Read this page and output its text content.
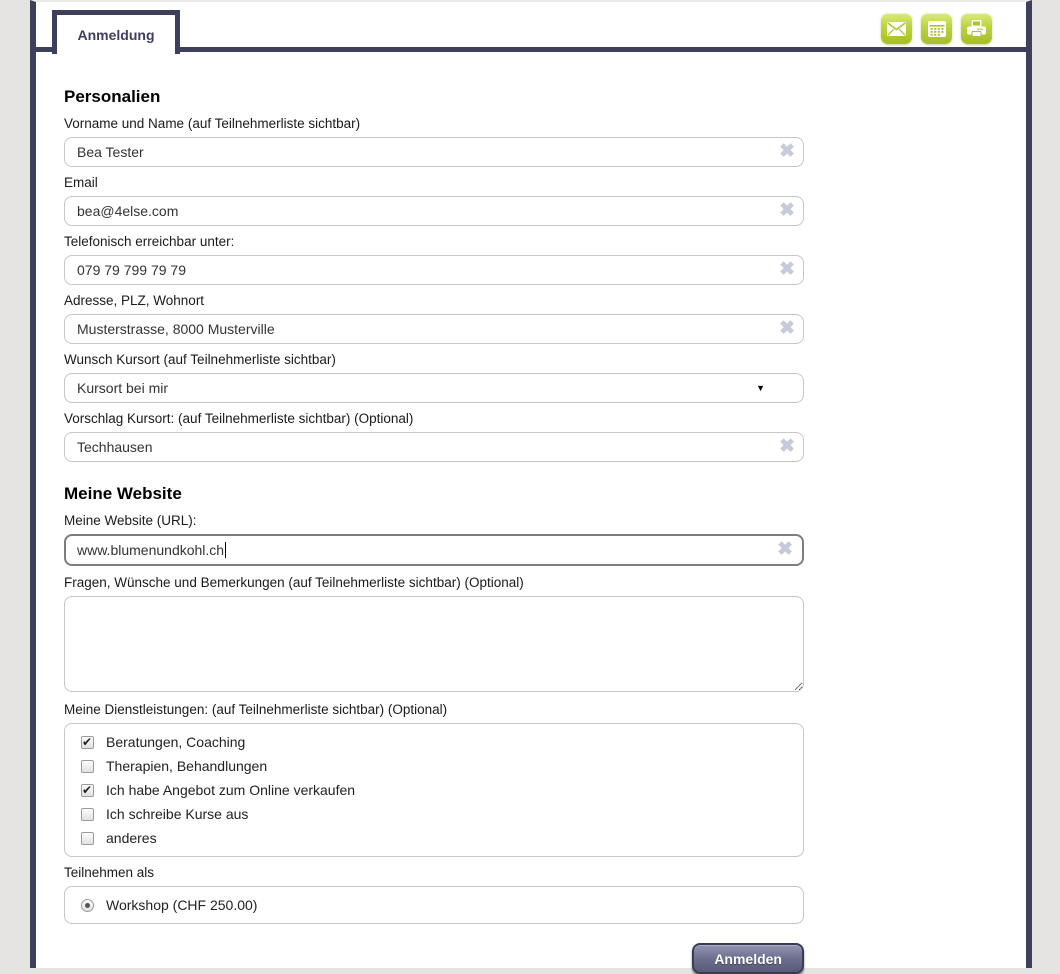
Anmeldung
Personalien
Vorname und Name (auf Teilnehmerliste sichtbar)
Bea Tester
✖
Email
bea@4else.com
✖
Telefonisch erreichbar unter:
079 79 799 79 79
✖
Adresse, PLZ, Wohnort
Musterstrasse, 8000 Musterville
✖
Wunsch Kursort (auf Teilnehmerliste sichtbar)
Kursort bei mir	▼
Vorschlag Kursort: (auf Teilnehmerliste sichtbar) (Optional)
Techhausen
✖
Meine Website
Meine Website (URL):
www.blumenundkohl.ch	✖
Fragen, Wünsche und Bemerkungen (auf Teilnehmerliste sichtbar) (Optional)
Meine Dienstleistungen: (auf Teilnehmerliste sichtbar) (Optional)
✔
Beratungen, Coaching
Therapien, Behandlungen
✔
Ich habe Angebot zum Online verkaufen
Ich schreibe Kurse aus
anderes
Teilnehmen als
Workshop (CHF 250.00)
Anmelden
